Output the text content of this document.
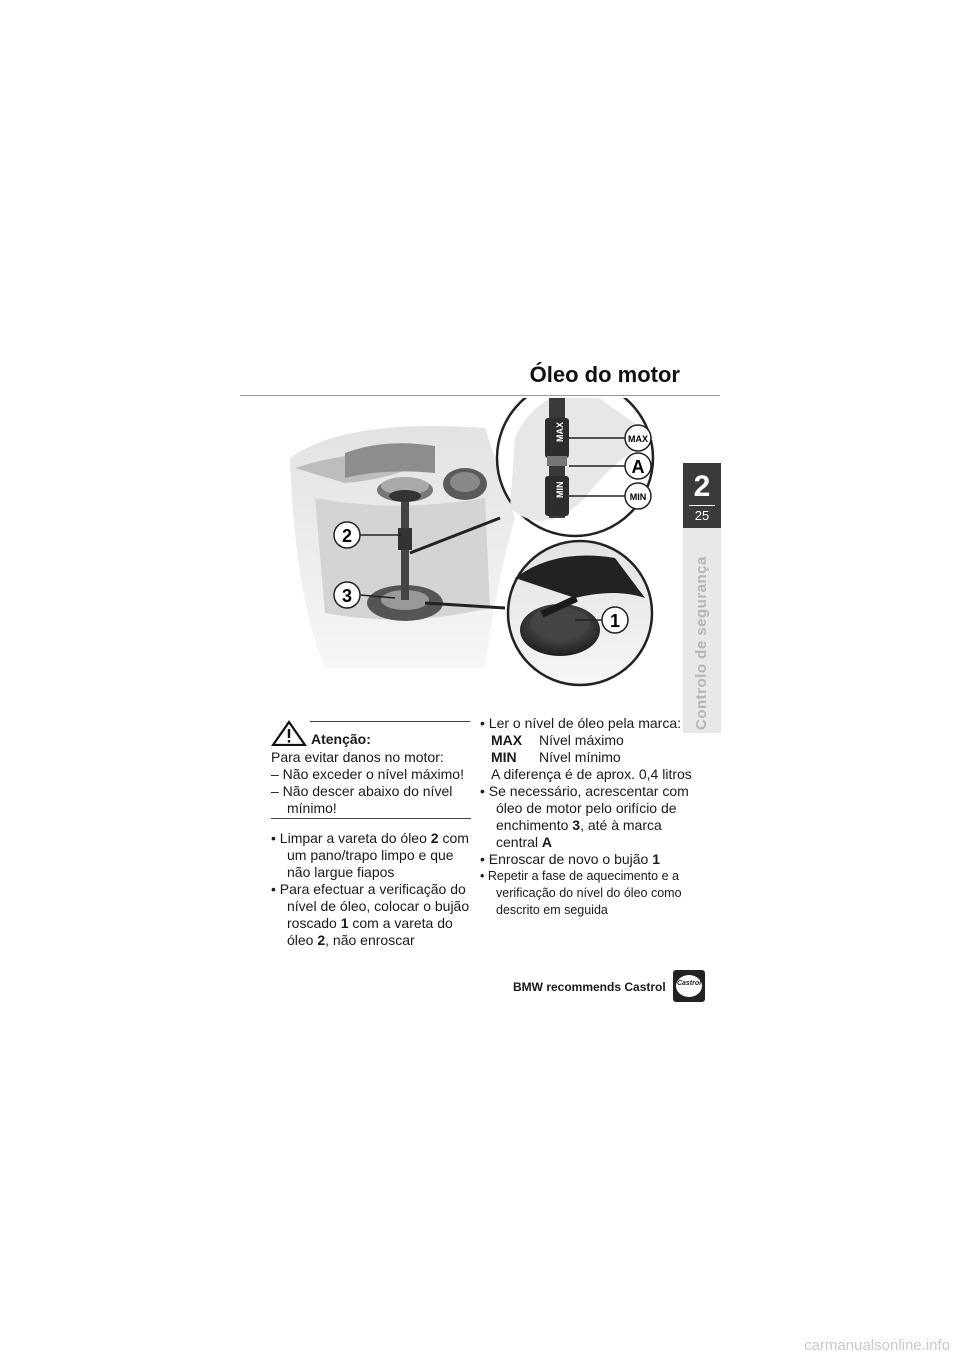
Óleo do motor
2
25
Controlo de segurança
MAX
MIN
MAX
A
MIN
1
2
3
Atenção:

Para evitar danos no motor:

– Não exceder o nível máximo!

– Não descer abaixo do nível mínimo!

• Limpar a vareta do óleo 2 com um pano/trapo limpo e que não largue fiapos

• Para efectuar a verificação do nível de óleo, colocar o bujão roscado 1 com a vareta do óleo 2, não enroscar

• Ler o nível de óleo pela marca:

MAX Nível máximo

MIN Nível mínimo

A diferença é de aprox. 0,4 litros

• Se necessário, acrescentar com óleo de motor pelo orifício de enchimento 3, até à marca central A

• Enroscar de novo o bujão 1

• Repetir a fase de aquecimento e a verificação do nível do óleo como descrito em seguida

BMW recommends Castrol	Castrol
carmanualsonline.info
